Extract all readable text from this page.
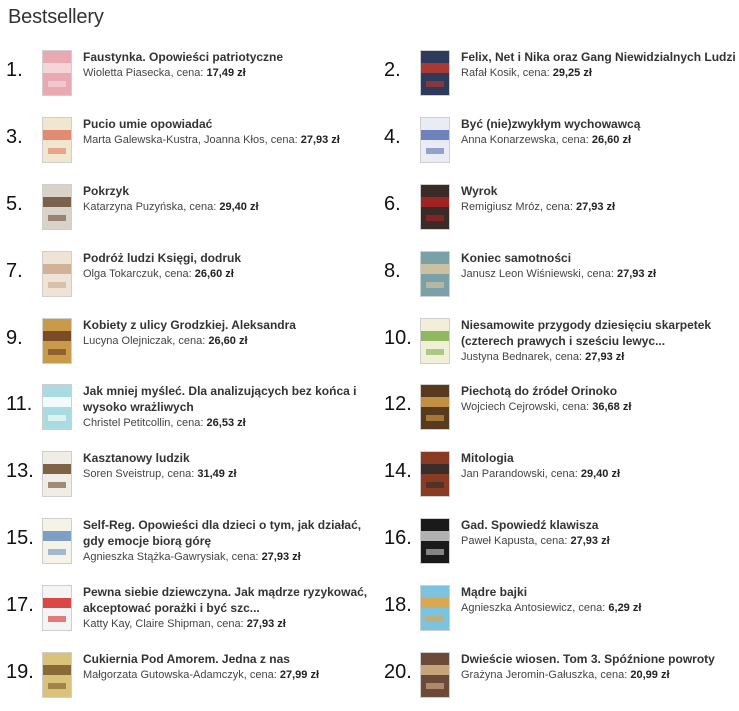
Bestsellery
1.
Faustynka. Opowieści patriotyczne
Wioletta Piasecka, cena: 17,49 zł	2.
Felix, Net i Nika oraz Gang Niewidzialnych Ludzi
Rafał Kosik, cena: 29,25 zł
3.
Pucio umie opowiadać
Marta Galewska-Kustra, Joanna Kłos, cena: 27,93 zł	4.
Być (nie)zwykłym wychowawcą
Anna Konarzewska, cena: 26,60 zł
5.
Pokrzyk
Katarzyna Puzyńska, cena: 29,40 zł	6.
Wyrok
Remigiusz Mróz, cena: 27,93 zł
7.
Podróż ludzi Księgi, dodruk
Olga Tokarczuk, cena: 26,60 zł	8.
Koniec samotności
Janusz Leon Wiśniewski, cena: 27,93 zł
9.
Kobiety z ulicy Grodzkiej. Aleksandra
Lucyna Olejniczak, cena: 26,60 zł	10.
Niesamowite przygody dziesięciu skarpetek (czterech prawych i sześciu lewyc...
Justyna Bednarek, cena: 27,93 zł
11.
Jak mniej myśleć. Dla analizujących bez końca i wysoko wrażliwych
Christel Petitcollin, cena: 26,53 zł
12.
Piechotą do źródeł Orinoko
Wojciech Cejrowski, cena: 36,68 zł
13.
Kasztanowy ludzik
Soren Sveistrup, cena: 31,49 zł	14.
Mitologia
Jan Parandowski, cena: 29,40 zł
15.
Self-Reg. Opowieści dla dzieci o tym, jak działać, gdy emocje biorą górę
Agnieszka Stążka-Gawrysiak, cena: 27,93 zł
16.
Gad. Spowiedź klawisza
Paweł Kapusta, cena: 27,93 zł
17.
Pewna siebie dziewczyna. Jak mądrze ryzykować, akceptować porażki i być szc...
Katty Kay, Claire Shipman, cena: 27,93 zł
18.
Mądre bajki
Agnieszka Antosiewicz, cena: 6,29 zł
19.
Cukiernia Pod Amorem. Jedna z nas
Małgorzata Gutowska-Adamczyk, cena: 27,99 zł	20.
Dwieście wiosen. Tom 3. Spóźnione powroty
Grażyna Jeromin-Gałuszka, cena: 20,99 zł
